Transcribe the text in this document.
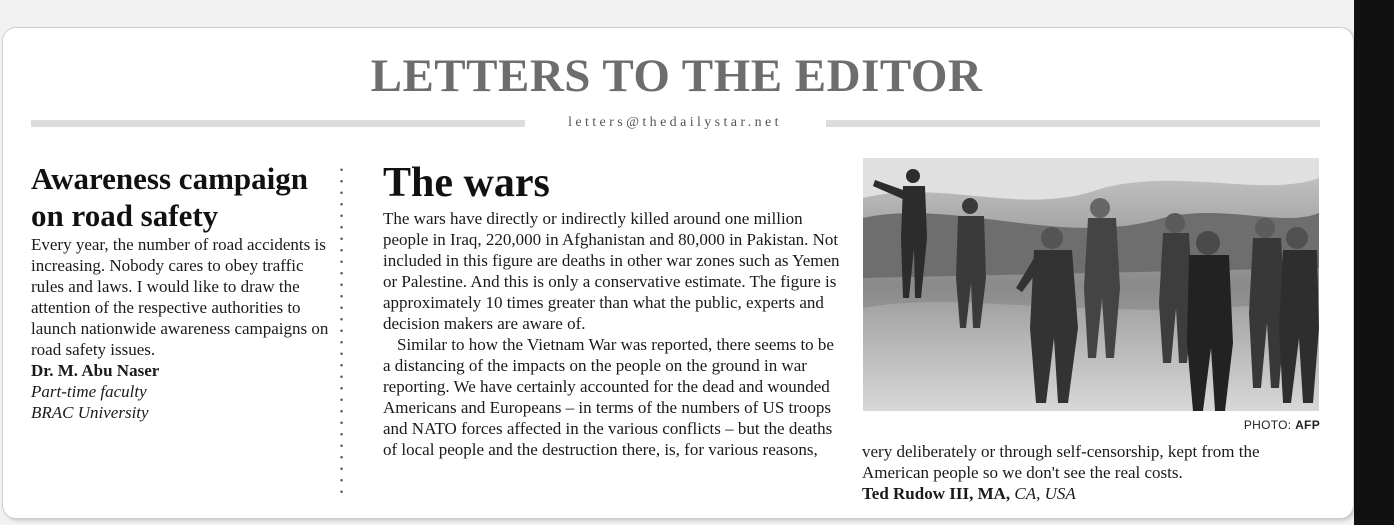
LETTERS TO THE EDITOR
letters@thedailystar.net
Awareness campaign on road safety

Every year, the number of road accidents is increasing. Nobody cares to obey traffic rules and laws. I would like to draw the attention of the respective authorities to launch nationwide awareness campaigns on road safety issues.

Dr. M. Abu Naser
Part-time faculty
BRAC University
The wars

The wars have directly or indirectly killed around one million people in Iraq, 220,000 in Afghanistan and 80,000 in Pakistan. Not included in this figure are deaths in other war zones such as Yemen or Palestine. And this is only a conservative estimate. The figure is approximately 10 times greater than what the public, experts and decision makers are aware of.

Similar to how the Vietnam War was reported, there seems to be a distancing of the impacts on the people on the ground in war reporting. We have certainly accounted for the dead and wounded Americans and Europeans – in terms of the numbers of US troops and NATO forces affected in the various conflicts – but the deaths of local people and the destruction there, is, for various reasons,

PHOTO: AFP

very deliberately or through self-censorship, kept from the American people so we don't see the real costs.

Ted Rudow III, MA, CA, USA
